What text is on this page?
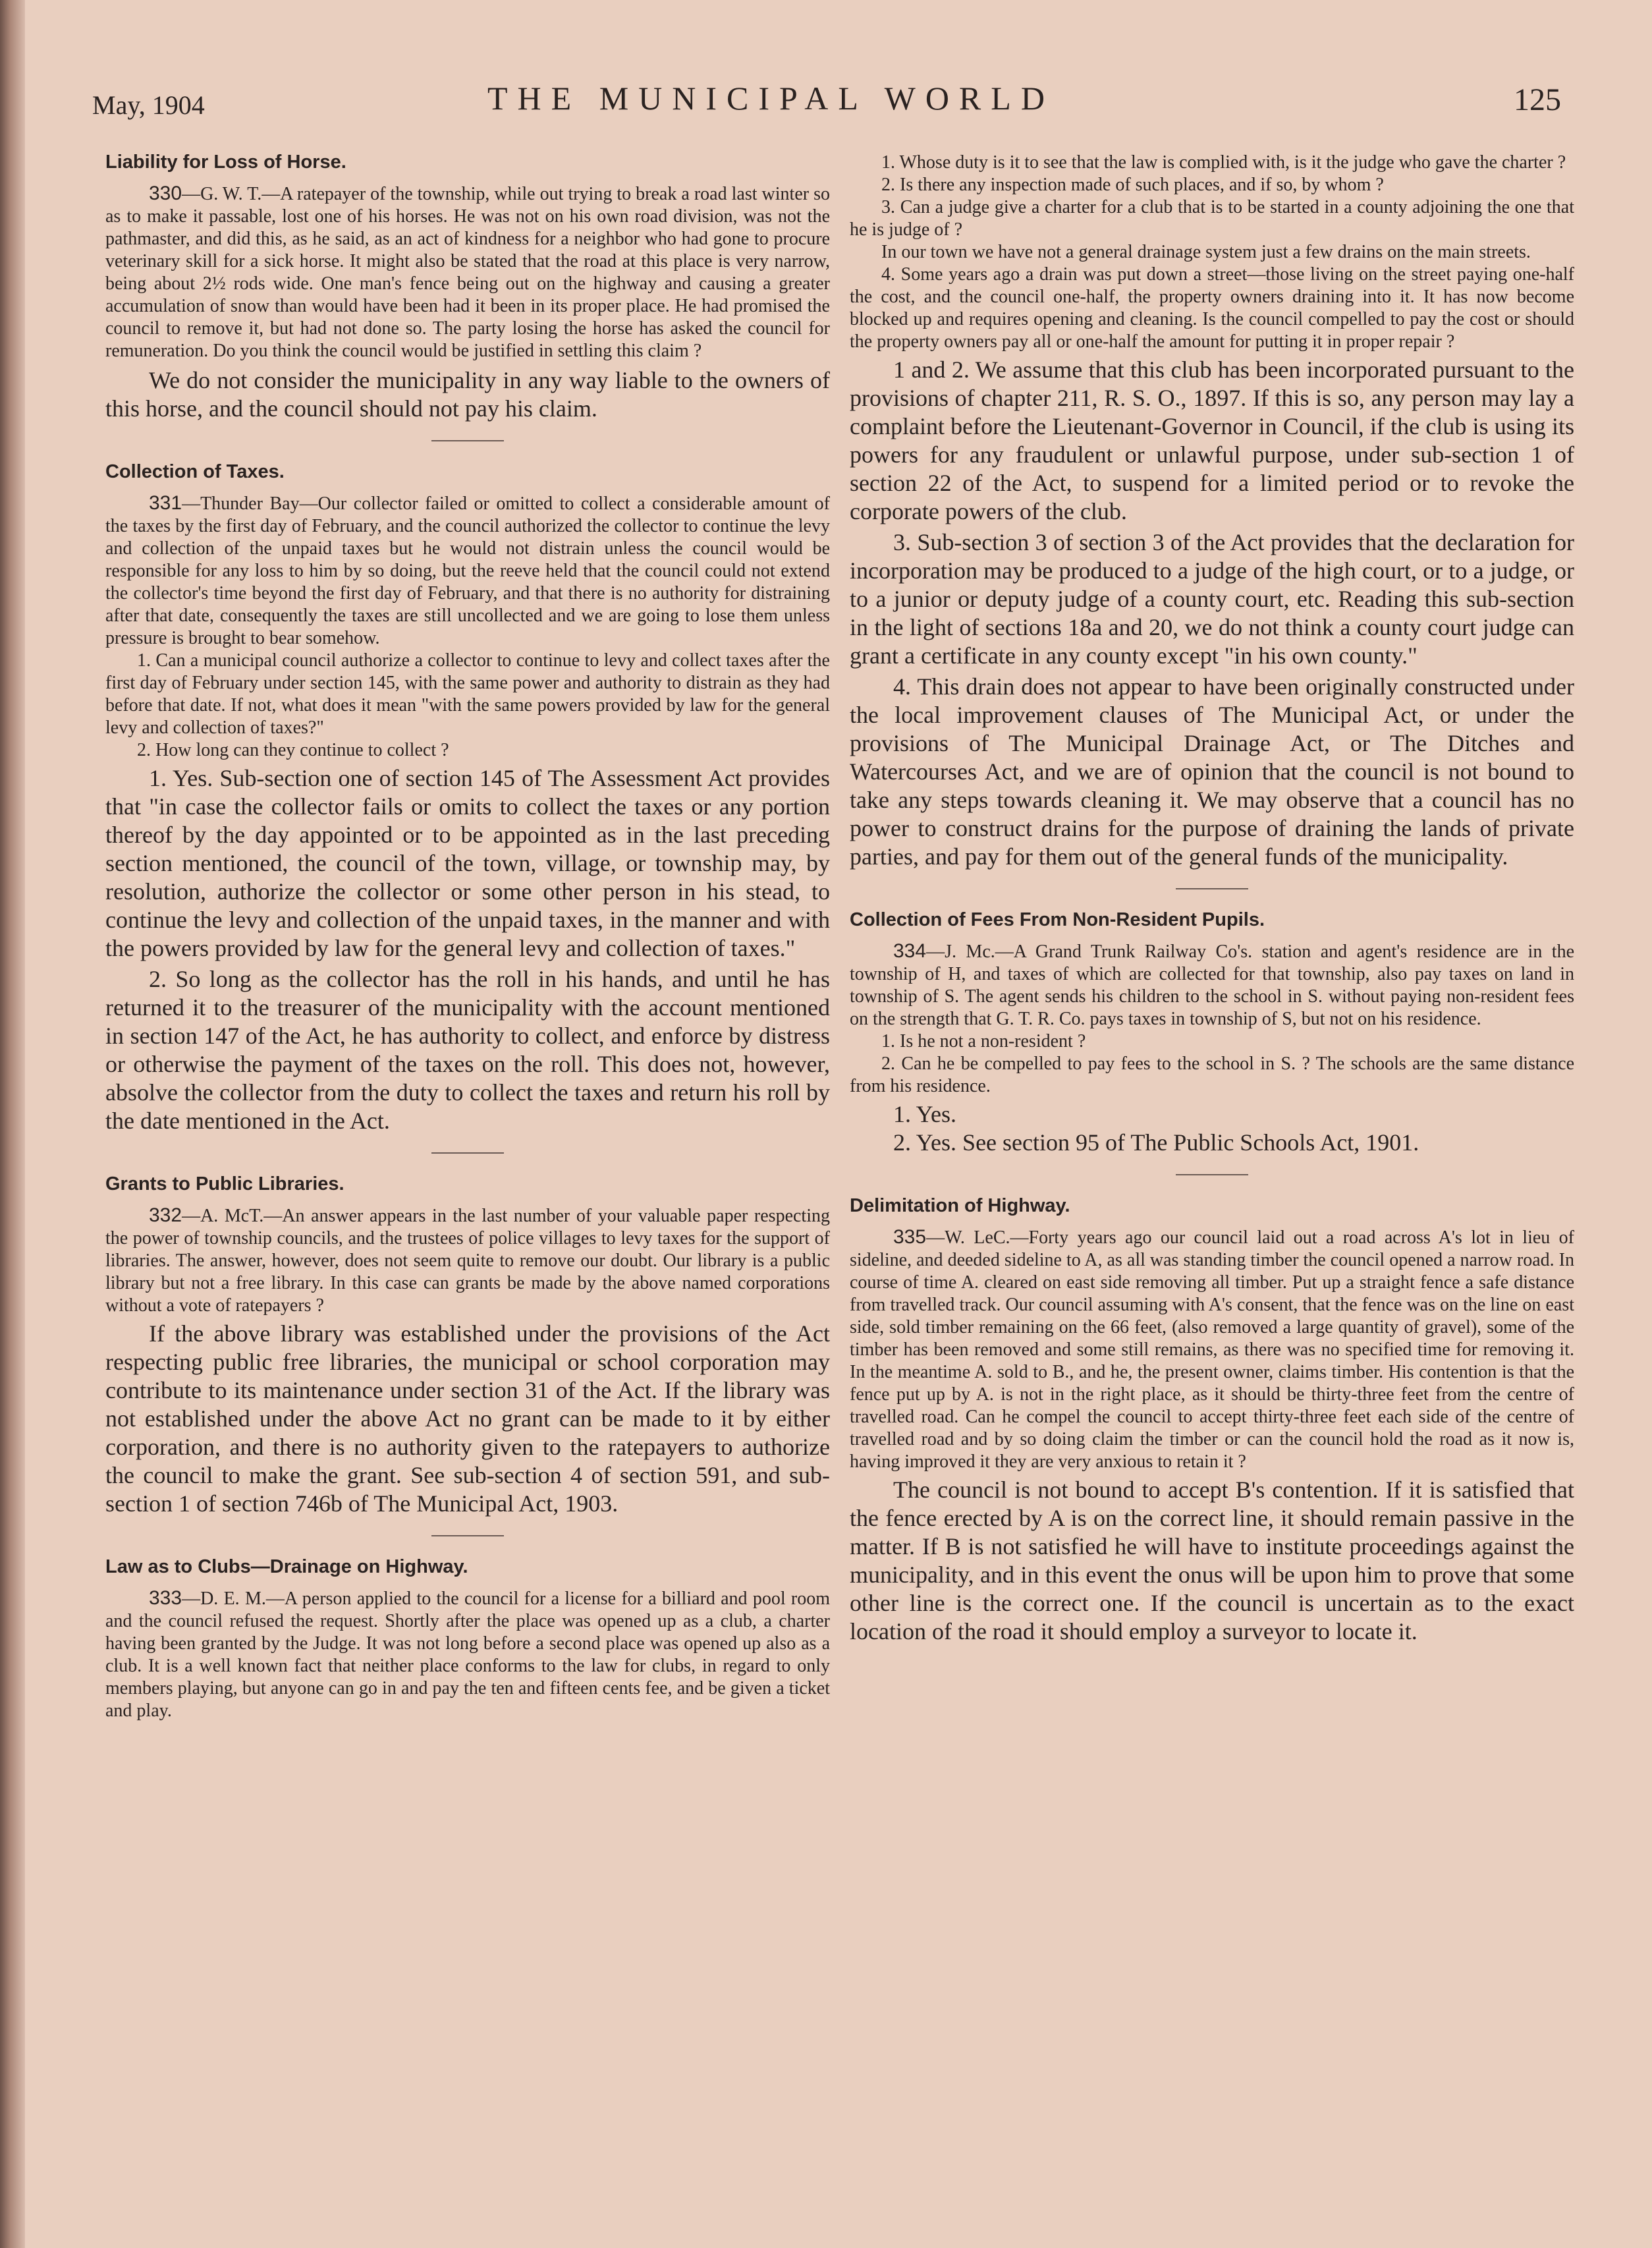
May, 1904	THE MUNICIPAL WORLD	125

Liability for Loss of Horse.

330—G. W. T.—A ratepayer of the township, while out trying to break a road last winter so as to make it passable, lost one of his horses. He was not on his own road division, was not the pathmaster, and did this, as he said, as an act of kindness for a neighbor who had gone to procure veterinary skill for a sick horse. It might also be stated that the road at this place is very narrow, being about 2½ rods wide. One man's fence being out on the highway and causing a greater accumulation of snow than would have been had it been in its proper place. He had promised the council to remove it, but had not done so. The party losing the horse has asked the council for remuneration. Do you think the council would be justified in settling this claim ?

We do not consider the municipality in any way liable to the owners of this horse, and the council should not pay his claim.

Collection of Taxes.

331—Thunder Bay—Our collector failed or omitted to collect a considerable amount of the taxes by the first day of February, and the council authorized the collector to continue the levy and collection of the unpaid taxes but he would not distrain unless the council would be responsible for any loss to him by so doing, but the reeve held that the council could not extend the collector's time beyond the first day of February, and that there is no authority for distraining after that date, consequently the taxes are still uncollected and we are going to lose them unless pressure is brought to bear somehow.

1. Can a municipal council authorize a collector to continue to levy and collect taxes after the first day of February under section 145, with the same power and authority to distrain as they had before that date. If not, what does it mean "with the same powers provided by law for the general levy and collection of taxes?"

2. How long can they continue to collect ?

1. Yes. Sub-section one of section 145 of The Assessment Act provides that "in case the collector fails or omits to collect the taxes or any portion thereof by the day appointed or to be appointed as in the last preceding section mentioned, the council of the town, village, or township may, by resolution, authorize the collector or some other person in his stead, to continue the levy and collection of the unpaid taxes, in the manner and with the powers provided by law for the general levy and collection of taxes."

2. So long as the collector has the roll in his hands, and until he has returned it to the treasurer of the municipality with the account mentioned in section 147 of the Act, he has authority to collect, and enforce by distress or otherwise the payment of the taxes on the roll. This does not, however, absolve the collector from the duty to collect the taxes and return his roll by the date mentioned in the Act.

Grants to Public Libraries.

332—A. McT.—An answer appears in the last number of your valuable paper respecting the power of township councils, and the trustees of police villages to levy taxes for the support of libraries. The answer, however, does not seem quite to remove our doubt. Our library is a public library but not a free library. In this case can grants be made by the above named corporations without a vote of ratepayers ?

If the above library was established under the provisions of the Act respecting public free libraries, the municipal or school corporation may contribute to its maintenance under section 31 of the Act. If the library was not established under the above Act no grant can be made to it by either corporation, and there is no authority given to the ratepayers to authorize the council to make the grant. See sub-section 4 of section 591, and sub-section 1 of section 746b of The Municipal Act, 1903.

Law as to Clubs—Drainage on Highway.

333—D. E. M.—A person applied to the council for a license for a billiard and pool room and the council refused the request. Shortly after the place was opened up as a club, a charter having been granted by the Judge. It was not long before a second place was opened up also as a club. It is a well known fact that neither place conforms to the law for clubs, in regard to only members playing, but anyone can go in and pay the ten and fifteen cents fee, and be given a ticket and play.

1. Whose duty is it to see that the law is complied with, is it the judge who gave the charter ?

2. Is there any inspection made of such places, and if so, by whom ?

3. Can a judge give a charter for a club that is to be started in a county adjoining the one that he is judge of ?

In our town we have not a general drainage system just a few drains on the main streets.

4. Some years ago a drain was put down a street—those living on the street paying one-half the cost, and the council one-half, the property owners draining into it. It has now become blocked up and requires opening and cleaning. Is the council compelled to pay the cost or should the property owners pay all or one-half the amount for putting it in proper repair ?

1 and 2. We assume that this club has been incorporated pursuant to the provisions of chapter 211, R. S. O., 1897. If this is so, any person may lay a complaint before the Lieutenant-Governor in Council, if the club is using its powers for any fraudulent or unlawful purpose, under sub-section 1 of section 22 of the Act, to suspend for a limited period or to revoke the corporate powers of the club.

3. Sub-section 3 of section 3 of the Act provides that the declaration for incorporation may be produced to a judge of the high court, or to a judge, or to a junior or deputy judge of a county court, etc. Reading this sub-section in the light of sections 18a and 20, we do not think a county court judge can grant a certificate in any county except "in his own county."

4. This drain does not appear to have been originally constructed under the local improvement clauses of The Municipal Act, or under the provisions of The Municipal Drainage Act, or The Ditches and Watercourses Act, and we are of opinion that the council is not bound to take any steps towards cleaning it. We may observe that a council has no power to construct drains for the purpose of draining the lands of private parties, and pay for them out of the general funds of the municipality.

Collection of Fees From Non-Resident Pupils.

334—J. Mc.—A Grand Trunk Railway Co's. station and agent's residence are in the township of H, and taxes of which are collected for that township, also pay taxes on land in township of S. The agent sends his children to the school in S. without paying non-resident fees on the strength that G. T. R. Co. pays taxes in township of S, but not on his residence.

1. Is he not a non-resident ?

2. Can he be compelled to pay fees to the school in S. ? The schools are the same distance from his residence.

1. Yes.

2. Yes. See section 95 of The Public Schools Act, 1901.

Delimitation of Highway.

335—W. LeC.—Forty years ago our council laid out a road across A's lot in lieu of sideline, and deeded sideline to A, as all was standing timber the council opened a narrow road. In course of time A. cleared on east side removing all timber. Put up a straight fence a safe distance from travelled track. Our council assuming with A's consent, that the fence was on the line on east side, sold timber remaining on the 66 feet, (also removed a large quantity of gravel), some of the timber has been removed and some still remains, as there was no specified time for removing it. In the meantime A. sold to B., and he, the present owner, claims timber. His contention is that the fence put up by A. is not in the right place, as it should be thirty-three feet from the centre of travelled road. Can he compel the council to accept thirty-three feet each side of the centre of travelled road and by so doing claim the timber or can the council hold the road as it now is, having improved it they are very anxious to retain it ?

The council is not bound to accept B's contention. If it is satisfied that the fence erected by A is on the correct line, it should remain passive in the matter. If B is not satisfied he will have to institute proceedings against the municipality, and in this event the onus will be upon him to prove that some other line is the correct one. If the council is uncertain as to the exact location of the road it should employ a surveyor to locate it.
